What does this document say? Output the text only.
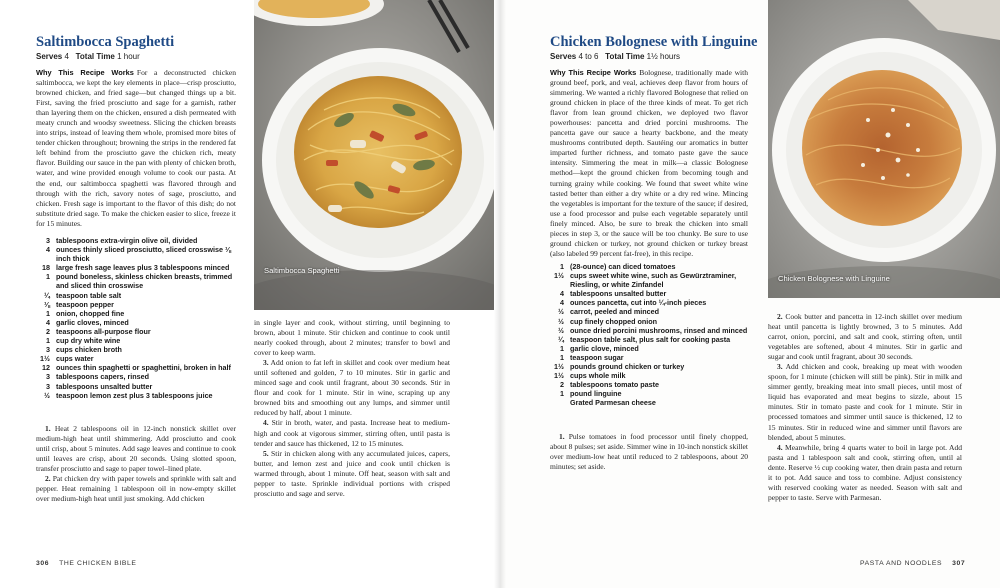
Saltimbocca Spaghetti
Serves 4 Total Time 1 hour
Why This Recipe Works For a deconstructed chicken saltimbocca, we kept the key elements in place—crisp prosciutto, browned chicken, and fried sage—but changed things up a bit. First, saving the fried prosciutto and sage for a garnish, rather than layering them on the chicken, ensured a dish permeated with meaty crunch and woodsy sweetness. Slicing the chicken breasts into strips, instead of leaving them whole, promised more bites of tender chicken throughout; browning the strips in the rendered fat left behind from the prosciutto gave the chicken rich, meaty flavor. Building our sauce in the pan with plenty of chicken broth, water, and wine provided enough volume to cook our pasta. At the end, our saltimbocca spaghetti was flavored through and through with the rich, savory notes of sage, prosciutto, and chicken. Fresh sage is important to the flavor of this dish; do not substitute dried sage. To make the chicken easier to slice, freeze it for 15 minutes.
3 tablespoons extra-virgin olive oil, divided
4 ounces thinly sliced prosciutto, sliced crosswise ⅛ inch thick
18 large fresh sage leaves plus 3 tablespoons minced
1 pound boneless, skinless chicken breasts, trimmed and sliced thin crosswise
¼ teaspoon table salt
⅛ teaspoon pepper
1 onion, chopped fine
4 garlic cloves, minced
2 teaspoons all-purpose flour
1 cup dry white wine
3 cups chicken broth
1½ cups water
12 ounces thin spaghetti or spaghettini, broken in half
3 tablespoons capers, rinsed
3 tablespoons unsalted butter
½ teaspoon lemon zest plus 3 tablespoons juice

1. Heat 2 tablespoons oil in 12-inch nonstick skillet over medium-high heat until shimmering. Add prosciutto and cook until crisp, about 5 minutes. Add sage leaves and continue to cook until leaves are crisp, about 20 seconds. Using slotted spoon, transfer prosciutto and sage to paper towel–lined plate.

2. Pat chicken dry with paper towels and sprinkle with salt and pepper. Heat remaining 1 tablespoon oil in now-empty skillet over medium-high heat until just smoking. Add chicken

Saltimbocca Spaghetti

in single layer and cook, without stirring, until beginning to brown, about 1 minute. Stir chicken and continue to cook until nearly cooked through, about 2 minutes; transfer to bowl and cover to keep warm.

3. Add onion to fat left in skillet and cook over medium heat until softened and golden, 7 to 10 minutes. Stir in garlic and minced sage and cook until fragrant, about 30 seconds. Stir in flour and cook for 1 minute. Stir in wine, scraping up any browned bits and smoothing out any lumps, and simmer until reduced by half, about 1 minute.

4. Stir in broth, water, and pasta. Increase heat to medium-high and cook at vigorous simmer, stirring often, until pasta is tender and sauce has thickened, 12 to 15 minutes.

5. Stir in chicken along with any accumulated juices, capers, butter, and lemon zest and juice and cook until chicken is warmed through, about 1 minute. Off heat, season with salt and pepper to taste. Sprinkle individual portions with crisped prosciutto and sage and serve.

306 THE CHICKEN BIBLE
Chicken Bolognese with Linguine
Serves 4 to 6 Total Time 1½ hours
Why This Recipe Works Bolognese, traditionally made with ground beef, pork, and veal, achieves deep flavor from hours of simmering. We wanted a richly flavored Bolognese that relied on ground chicken in place of the three kinds of meat. To get rich flavor from lean ground chicken, we deployed two flavor powerhouses: pancetta and dried porcini mushrooms. The pancetta gave our sauce a hearty backbone, and the meaty mushrooms contributed depth. Sautéing our aromatics in butter imparted further richness, and tomato paste gave the sauce intensity. Simmering the meat in milk—a classic Bolognese method—kept the ground chicken from becoming tough and turning grainy while cooking. We found that sweet white wine tasted better than either a dry white or a dry red wine. Mincing the vegetables is important for the texture of the sauce; if desired, use a food processor and pulse each vegetable separately until finely minced. Also, be sure to break the chicken into small pieces in step 3, or the sauce will be too chunky. Be sure to use ground chicken or turkey, not ground chicken or turkey breast (also labeled 99 percent fat-free), in this recipe.
1 (28-ounce) can diced tomatoes
1½ cups sweet white wine, such as Gewürztraminer, Riesling, or white Zinfandel
4 tablespoons unsalted butter
4 ounces pancetta, cut into ¼-inch pieces
½ carrot, peeled and minced
½ cup finely chopped onion
½ ounce dried porcini mushrooms, rinsed and minced
¼ teaspoon table salt, plus salt for cooking pasta
1 garlic clove, minced
1 teaspoon sugar
1½ pounds ground chicken or turkey
1½ cups whole milk
2 tablespoons tomato paste
1 pound linguine
Grated Parmesan cheese

1. Pulse tomatoes in food processor until finely chopped, about 8 pulses; set aside. Simmer wine in 10-inch nonstick skillet over medium-low heat until reduced to 2 tablespoons, about 20 minutes; set aside.

Chicken Bolognese with Linguine

2. Cook butter and pancetta in 12-inch skillet over medium heat until pancetta is lightly browned, 3 to 5 minutes. Add carrot, onion, porcini, and salt and cook, stirring often, until vegetables are softened, about 4 minutes. Stir in garlic and sugar and cook until fragrant, about 30 seconds.

3. Add chicken and cook, breaking up meat with wooden spoon, for 1 minute (chicken will still be pink). Stir in milk and simmer gently, breaking meat into small pieces, until most of liquid has evaporated and meat begins to sizzle, about 15 minutes. Stir in tomato paste and cook for 1 minute. Stir in processed tomatoes and simmer until sauce is thickened, 12 to 15 minutes. Stir in reduced wine and simmer until flavors are blended, about 5 minutes.

4. Meanwhile, bring 4 quarts water to boil in large pot. Add pasta and 1 tablespoon salt and cook, stirring often, until al dente. Reserve ½ cup cooking water, then drain pasta and return it to pot. Add sauce and toss to combine. Adjust consistency with reserved cooking water as needed. Season with salt and pepper to taste. Serve with Parmesan.

PASTA AND NOODLES 307
